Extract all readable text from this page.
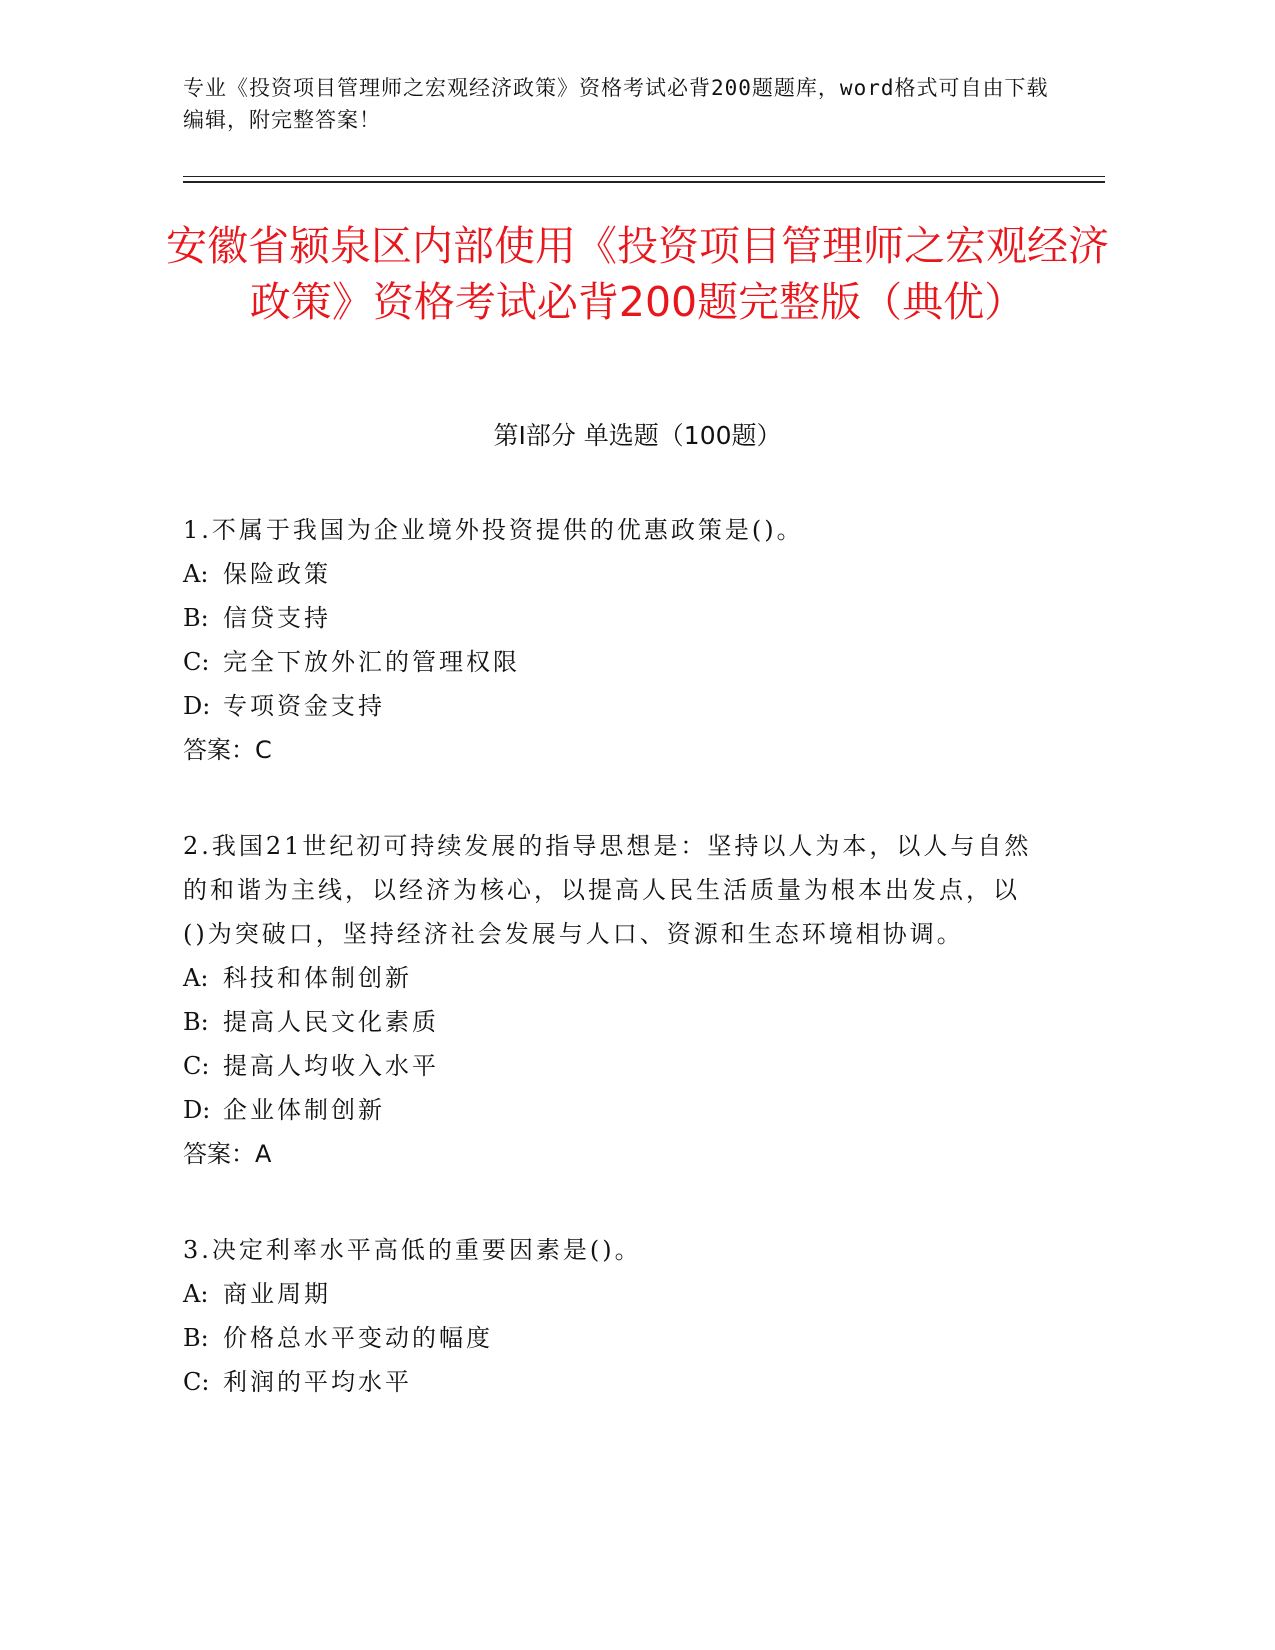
专业《投资项目管理师之宏观经济政策》资格考试必背200题题库，word格式可自由下载编辑，附完整答案！
安徽省颍泉区内部使用《投资项目管理师之宏观经济政策》资格考试必背200题完整版（典优）
第I部分 单选题（100题）
1.不属于我国为企业境外投资提供的优惠政策是()。
A: 保险政策
B: 信贷支持
C: 完全下放外汇的管理权限
D: 专项资金支持
答案：C
2.我国21世纪初可持续发展的指导思想是：坚持以人为本，以人与自然的和谐为主线，以经济为核心，以提高人民生活质量为根本出发点，以()为突破口，坚持经济社会发展与人口、资源和生态环境相协调。
A: 科技和体制创新
B: 提高人民文化素质
C: 提高人均收入水平
D: 企业体制创新
答案：A
3.决定利率水平高低的重要因素是()。
A: 商业周期
B: 价格总水平变动的幅度
C: 利润的平均水平
